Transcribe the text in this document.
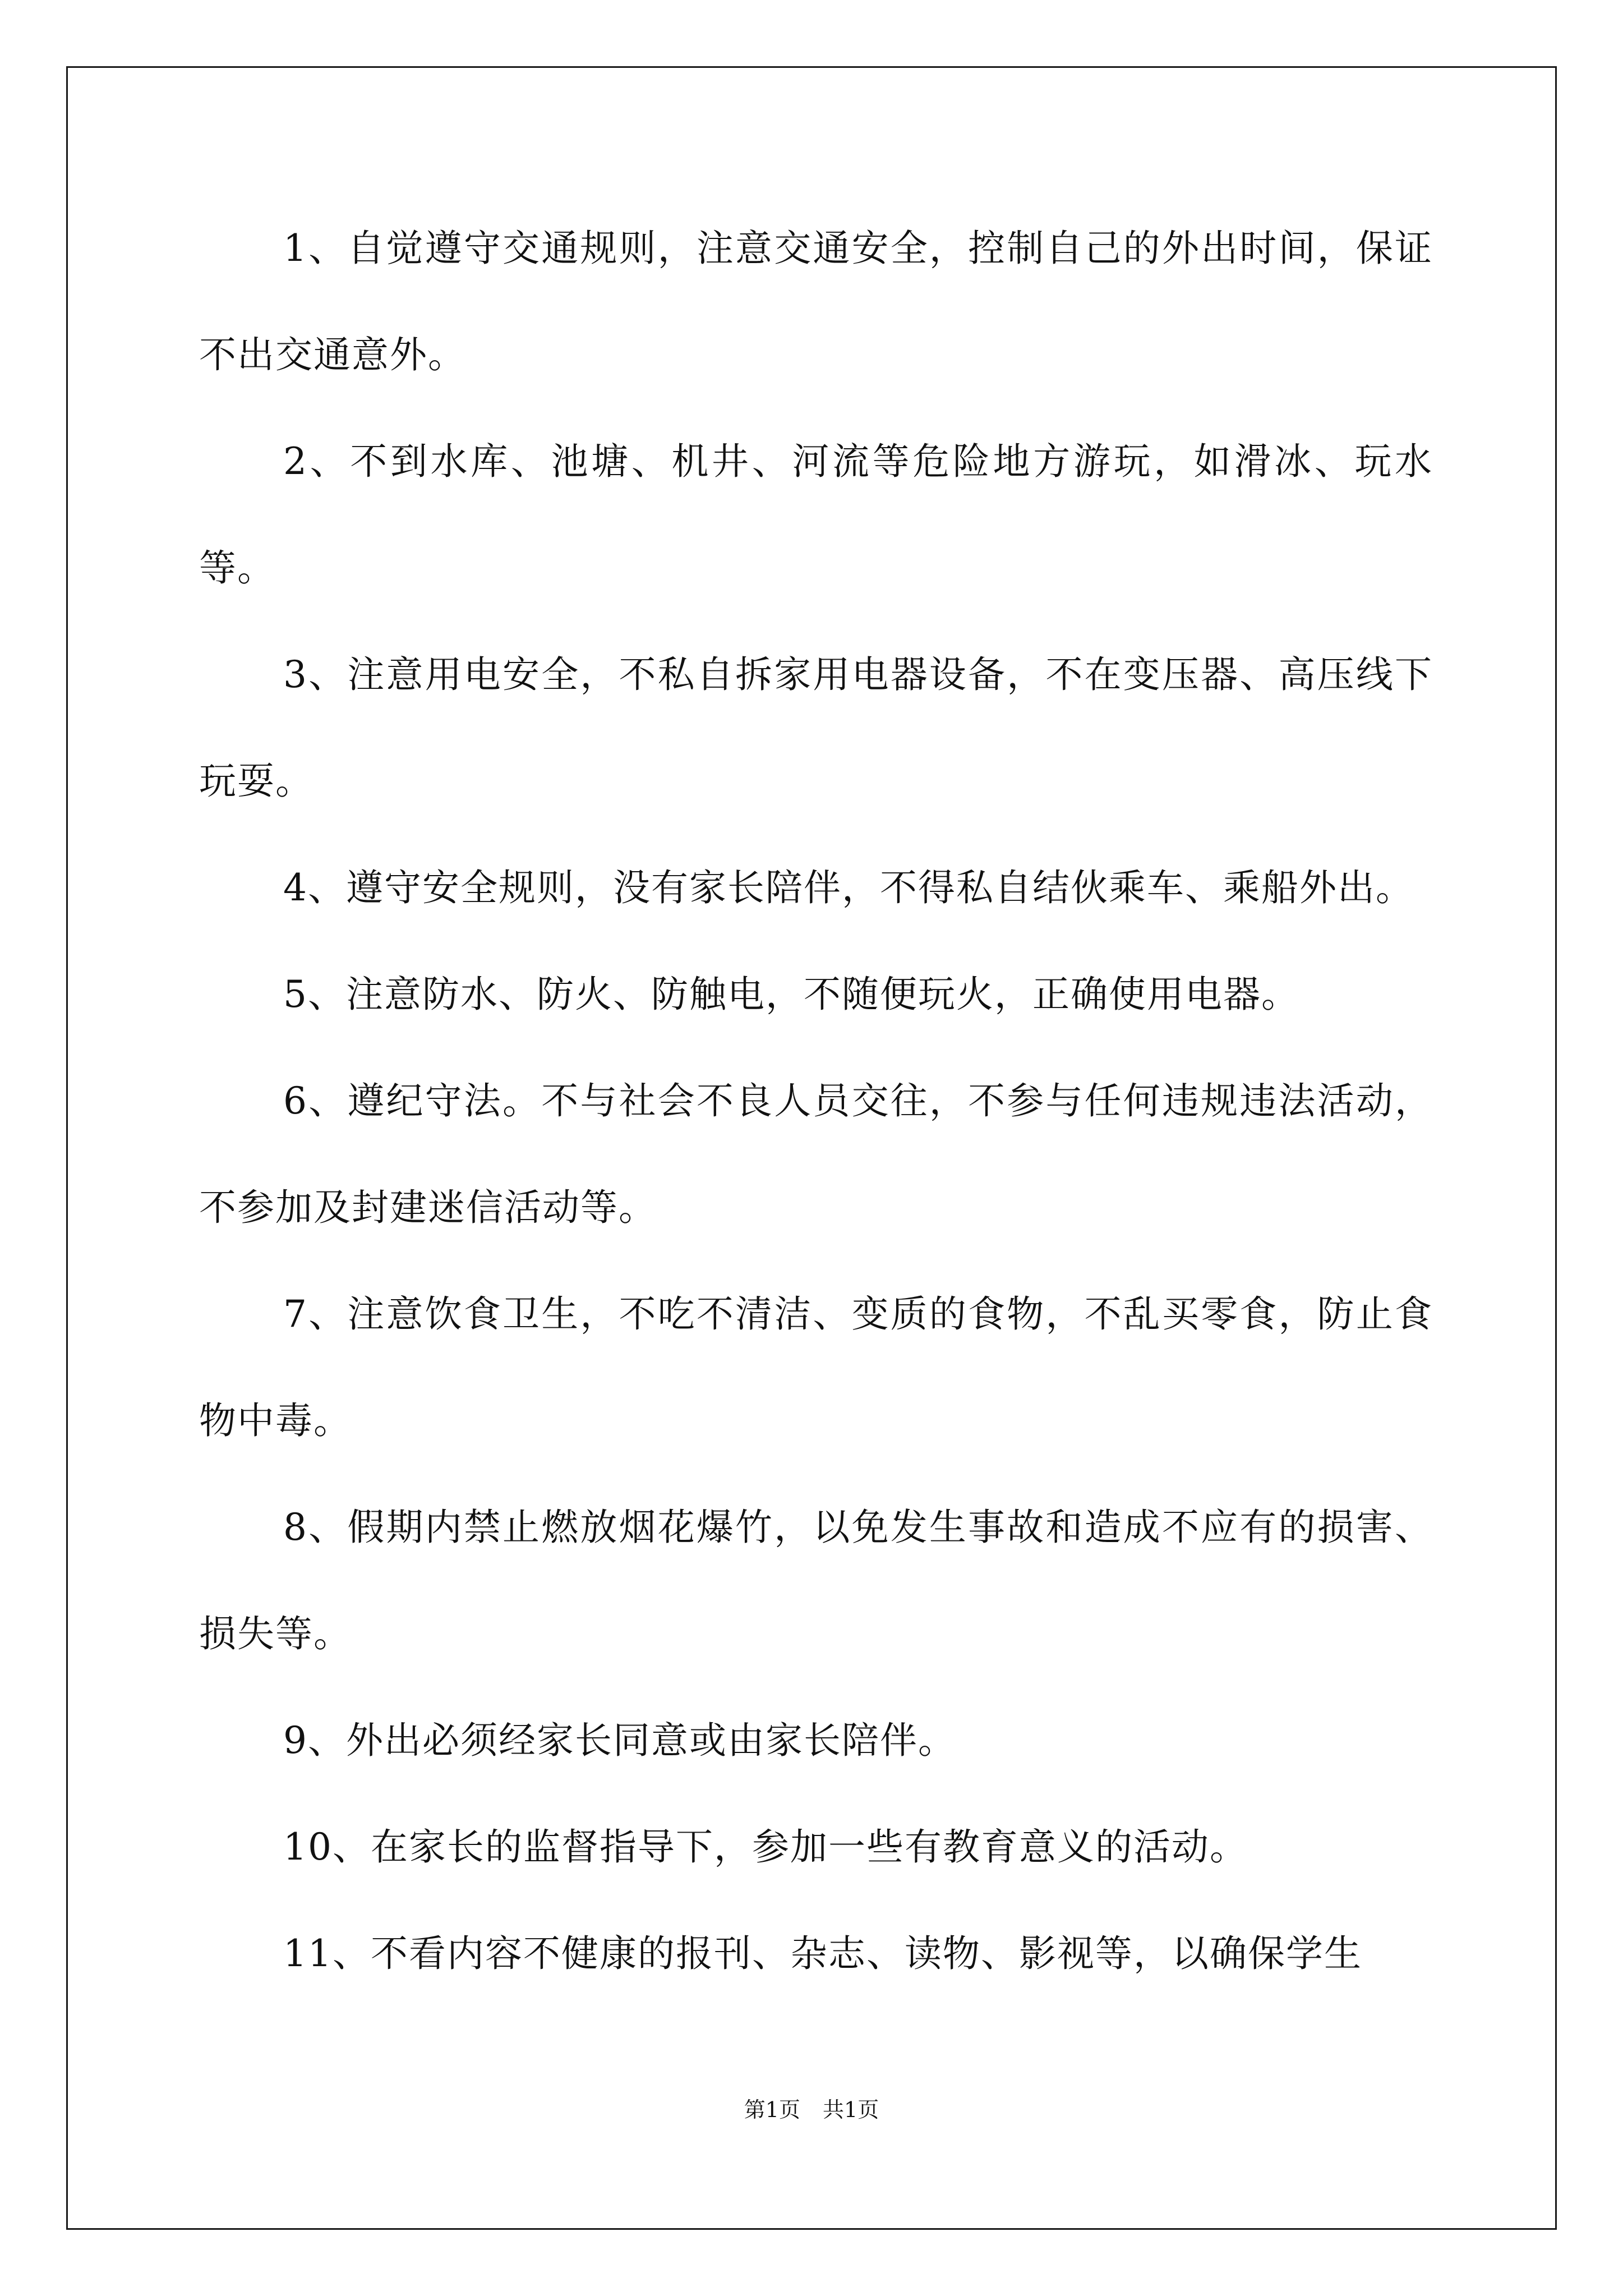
1、自觉遵守交通规则，注意交通安全，控制自己的外出时间，保证不出交通意外。

2、不到水库、池塘、机井、河流等危险地方游玩，如滑冰、玩水等。

3、注意用电安全，不私自拆家用电器设备，不在变压器、高压线下玩耍。

4、遵守安全规则，没有家长陪伴，不得私自结伙乘车、乘船外出。

5、注意防水、防火、防触电，不随便玩火，正确使用电器。

6、遵纪守法。不与社会不良人员交往，不参与任何违规违法活动，不参加及封建迷信活动等。

7、注意饮食卫生，不吃不清洁、变质的食物，不乱买零食，防止食物中毒。

8、假期内禁止燃放烟花爆竹，以免发生事故和造成不应有的损害、损失等。

9、外出必须经家长同意或由家长陪伴。

10、在家长的监督指导下，参加一些有教育意义的活动。

11、不看内容不健康的报刊、杂志、读物、影视等，以确保学生

第1页 共1页
